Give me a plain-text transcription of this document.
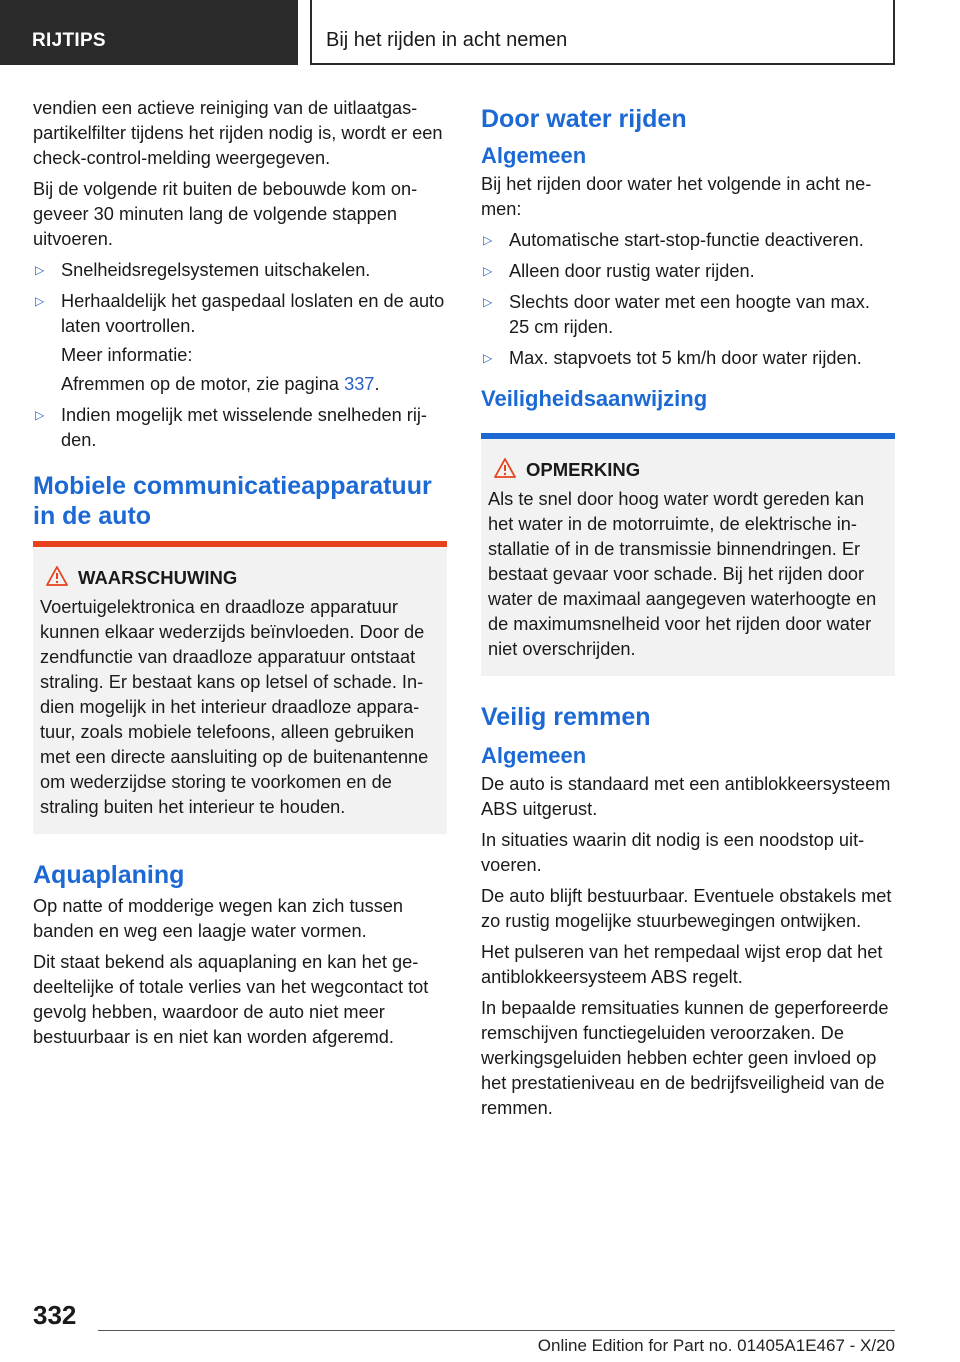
RIJTIPS	Bij het rijden in acht nemen

vendien een actieve reiniging van de uitlaatgaspartikelfilter tijdens het rijden nodig is, wordt er een check-control-melding weergegeven.

Bij de volgende rit buiten de bebouwde kom ongeveer 30 minuten lang de volgende stappen uitvoeren.

▷ Snelheidsregelsystemen uitschakelen.
▷ Herhaaldelijk het gaspedaal loslaten en de auto laten voortrollen.

Meer informatie:

Afremmen op de motor, zie pagina 337.

▷ Indien mogelijk met wisselende snelheden rijden.
Mobiele communicatieapparatuur in de auto
WAARSCHUWING

Voertuigelektronica en draadloze apparatuur kunnen elkaar wederzijds beïnvloeden. Door de zendfunctie van draadloze apparatuur ontstaat straling. Er bestaat kans op letsel of schade. Indien mogelijk in het interieur draadloze apparatuur, zoals mobiele telefoons, alleen gebruiken met een directe aansluiting op de buitenantenne om wederzijdse storing te voorkomen en de straling buiten het interieur te houden.

Aquaplaning

Op natte of modderige wegen kan zich tussen banden en weg een laagje water vormen.

Dit staat bekend als aquaplaning en kan het gedeeltelijke of totale verlies van het wegcontact tot gevolg hebben, waardoor de auto niet meer bestuurbaar is en niet kan worden afgeremd.

Door water rijden
Algemeen

Bij het rijden door water het volgende in acht nemen:

▷ Automatische start-stop-functie deactiveren.
▷ Alleen door rustig water rijden.
▷ Slechts door water met een hoogte van max. 25 cm rijden.
▷ Max. stapvoets tot 5 km/h door water rijden.
Veiligheidsaanwijzing
OPMERKING

Als te snel door hoog water wordt gereden kan het water in de motorruimte, de elektrische installatie of in de transmissie binnendringen. Er bestaat gevaar voor schade. Bij het rijden door water de maximaal aangegeven waterhoogte en de maximumsnelheid voor het rijden door water niet overschrijden.

Veilig remmen
Algemeen

De auto is standaard met een antiblokkeersysteem ABS uitgerust.

In situaties waarin dit nodig is een noodstop uitvoeren.

De auto blijft bestuurbaar. Eventuele obstakels met zo rustig mogelijke stuurbewegingen ontwijken.

Het pulseren van het rempedaal wijst erop dat het antiblokkeersysteem ABS regelt.

In bepaalde remsituaties kunnen de geperforeerde remschijven functiegeluiden veroorzaken. De werkingsgeluiden hebben echter geen invloed op het prestatieniveau en de bedrijfsveiligheid van de remmen.

332
Online Edition for Part no. 01405A1E467 - X/20
